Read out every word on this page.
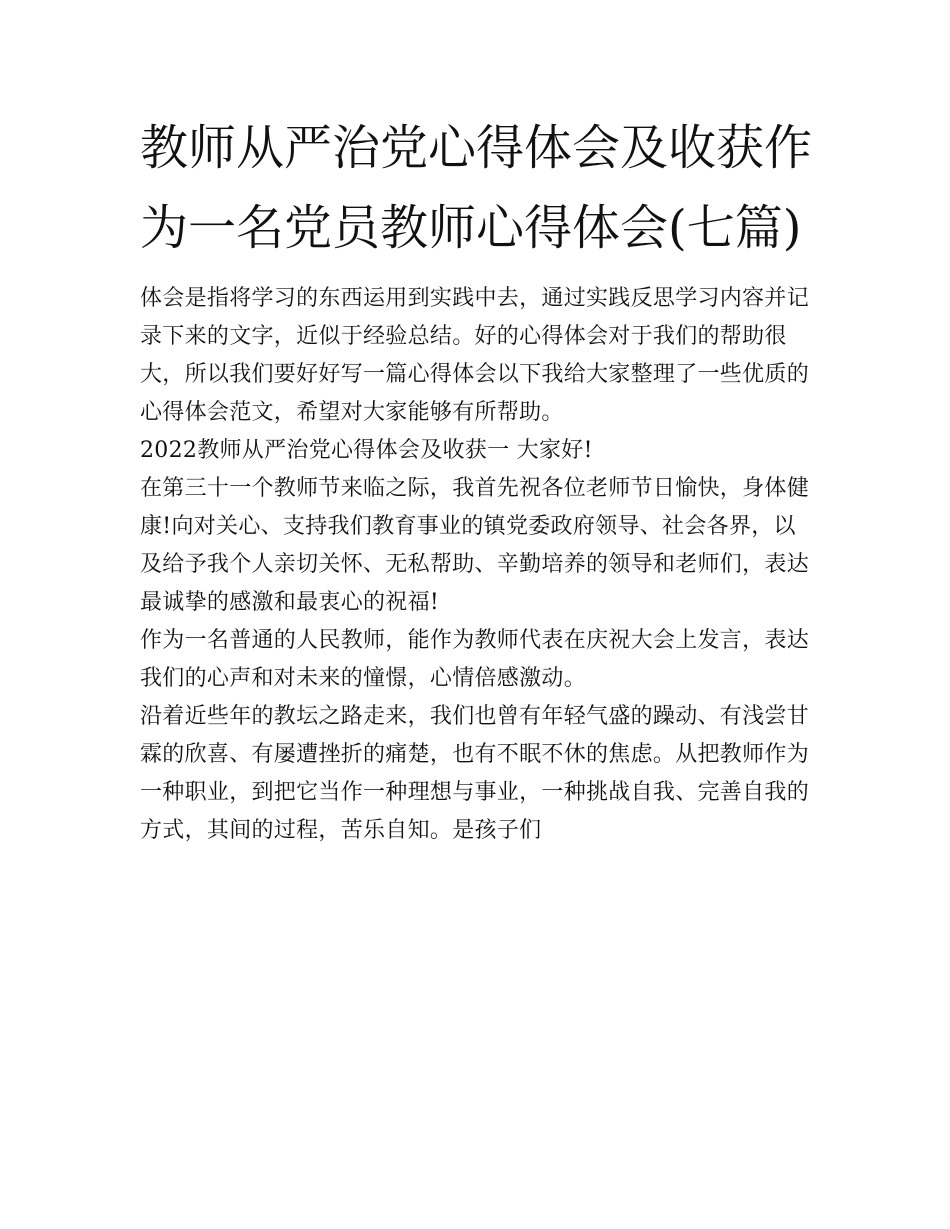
教师从严治党心得体会及收获作为一名党员教师心得体会(七篇)

体会是指将学习的东西运用到实践中去，通过实践反思学习内容并记录下来的文字，近似于经验总结。好的心得体会对于我们的帮助很大，所以我们要好好写一篇心得体会以下我给大家整理了一些优质的心得体会范文，希望对大家能够有所帮助。

2022教师从严治党心得体会及收获一 大家好!

在第三十一个教师节来临之际，我首先祝各位老师节日愉快，身体健康!向对关心、支持我们教育事业的镇党委政府领导、社会各界，以及给予我个人亲切关怀、无私帮助、辛勤培养的领导和老师们，表达最诚挚的感激和最衷心的祝福!

作为一名普通的人民教师，能作为教师代表在庆祝大会上发言，表达我们的心声和对未来的憧憬，心情倍感激动。

沿着近些年的教坛之路走来，我们也曾有年轻气盛的躁动、有浅尝甘霖的欣喜、有屡遭挫折的痛楚，也有不眠不休的焦虑。从把教师作为一种职业，到把它当作一种理想与事业，一种挑战自我、完善自我的方式，其间的过程，苦乐自知。是孩子们
